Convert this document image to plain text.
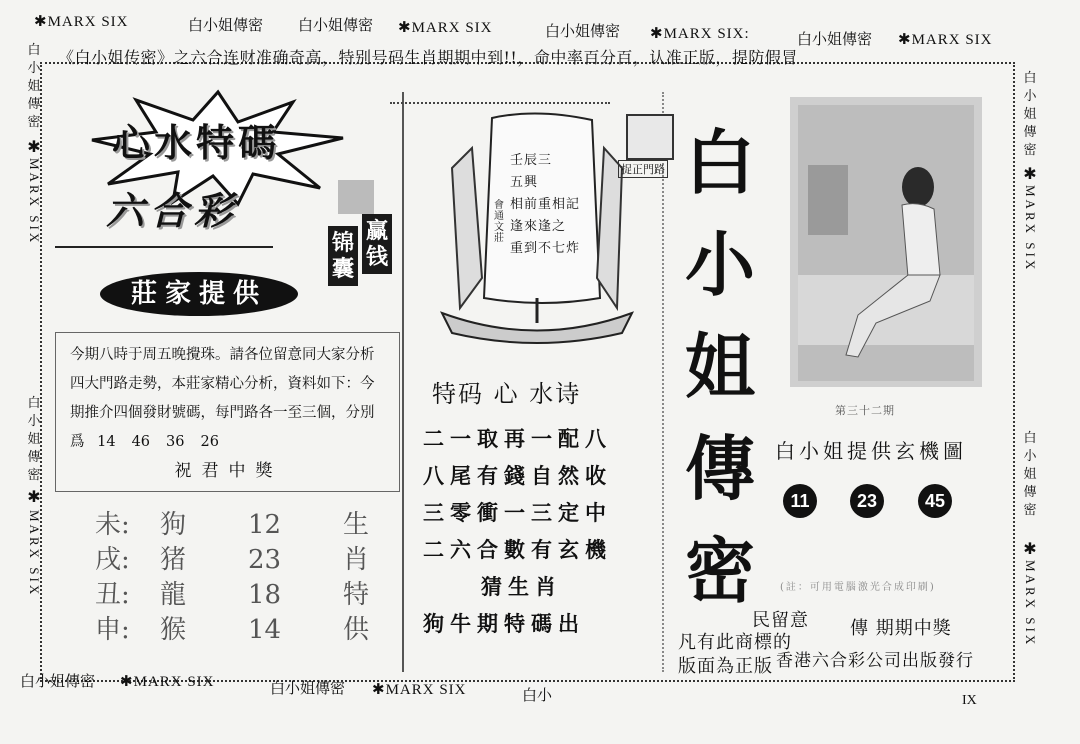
✱MARX SIX	白小姐傳密 白小姐傳密 ✱MARX SIX	白小姐傳密 ✱MARX SIX:	白小姐傳密 ✱MARX SIX
白小姐傳密
✱
MARX SIX
白小姐傳密
✱
MARX SIX
白小姐傳密
✱
MARX SIX
白小姐傳密
✱
MARX SIX
《白小姐传密》之六合连财准确奇高，特别号码生肖期期中到!!，命中率百分百，认准正版，提防假冒
心水特碼
六合彩
锦囊
赢钱
莊家提供
今期八時于周五晚攪珠。請各位留意同大家分析四大門路走勢，本莊家精心分析，資料如下：今期推介四個發財號碼，每門路各一至三個，分別爲 14 46 36 26
祝君中獎
未:	狗	12	生
戌:	猪	23	肖
丑:	龍	18	特
申:	猴	14	供
壬辰三
五興
相前重相記
逢來逢之
重到不七炸
會通文莊
捉正門路
特码 心 水诗
二一取再一配八
八尾有錢自然收
三零衝一三定中
二六合數有玄機
猜生肖
狗牛期特碼出
白
小
姐
傳
密
第三十二期
白小姐提供玄機圖
11	23	45
(註：可用電腦激光合成印刷)
民留意 傳 期期中獎
凡有此商標的
版面為正版 香港六合彩公司出版發行
白小姐傳密 ✱MARX SIX	白小姐傳密 ✱MARX SIX	白小	IX
